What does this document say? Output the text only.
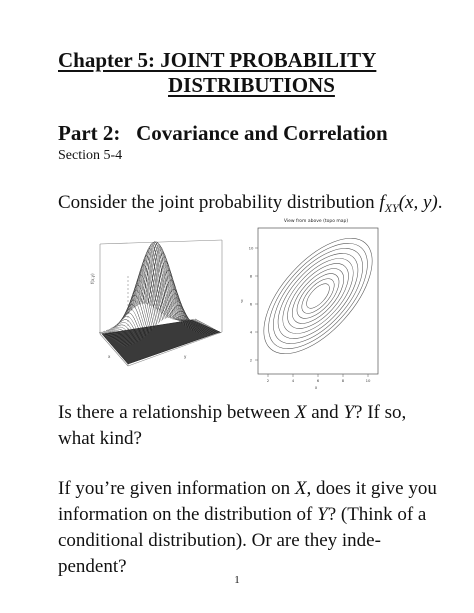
Chapter 5: JOINT PROBABILITY
DISTRIBUTIONS
Part 2: Covariance and Correlation
Section 5-4
Consider the joint probability distribution $f_{XY}(x$, y).
f(x,y)
x	y
View from above (topo map)
2	4	6	8	10
2
4
6
8
10
x
y
Is there a relationship between X and Y? If so, what kind?
If you’re given information on X, does it give you information on the distribution of Y? (Think of a conditional distribution). Or are they inde-pendent?
1
